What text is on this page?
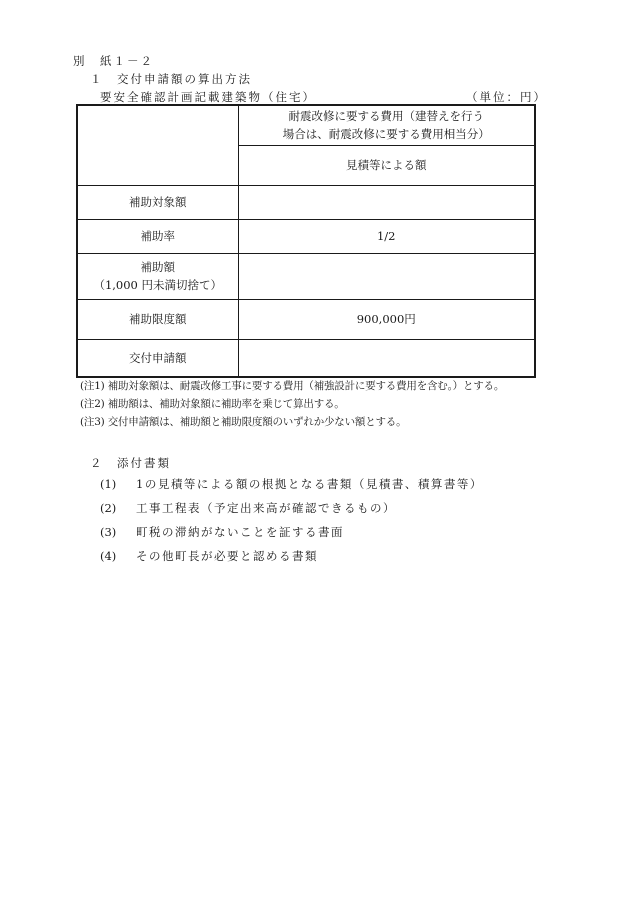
別　紙１－２
１　交付申請額の算出方法
要安全確認計画記載建築物（住宅）	（単位：円）

	耐震改修に要する費用（建替えを行う
場合は、耐震改修に要する費用相当分）

	見積等による額
補助対象額	
補助率	1/2

補助額
（1,000 円未満切捨て）	

補助限度額	900,000円
交付申請額	
(注1) 補助対象額は、耐震改修工事に要する費用（補強設計に要する費用を含む。）とする。
(注2) 補助額は、補助対象額に補助率を乗じて算出する。
(注3) 交付申請額は、補助額と補助限度額のいずれか少ない額とする。
２　添付書類
(1) 1の見積等による額の根拠となる書類（見積書、積算書等）
(2) 工事工程表（予定出来高が確認できるもの）
(3) 町税の滞納がないことを証する書面
(4) その他町長が必要と認める書類
